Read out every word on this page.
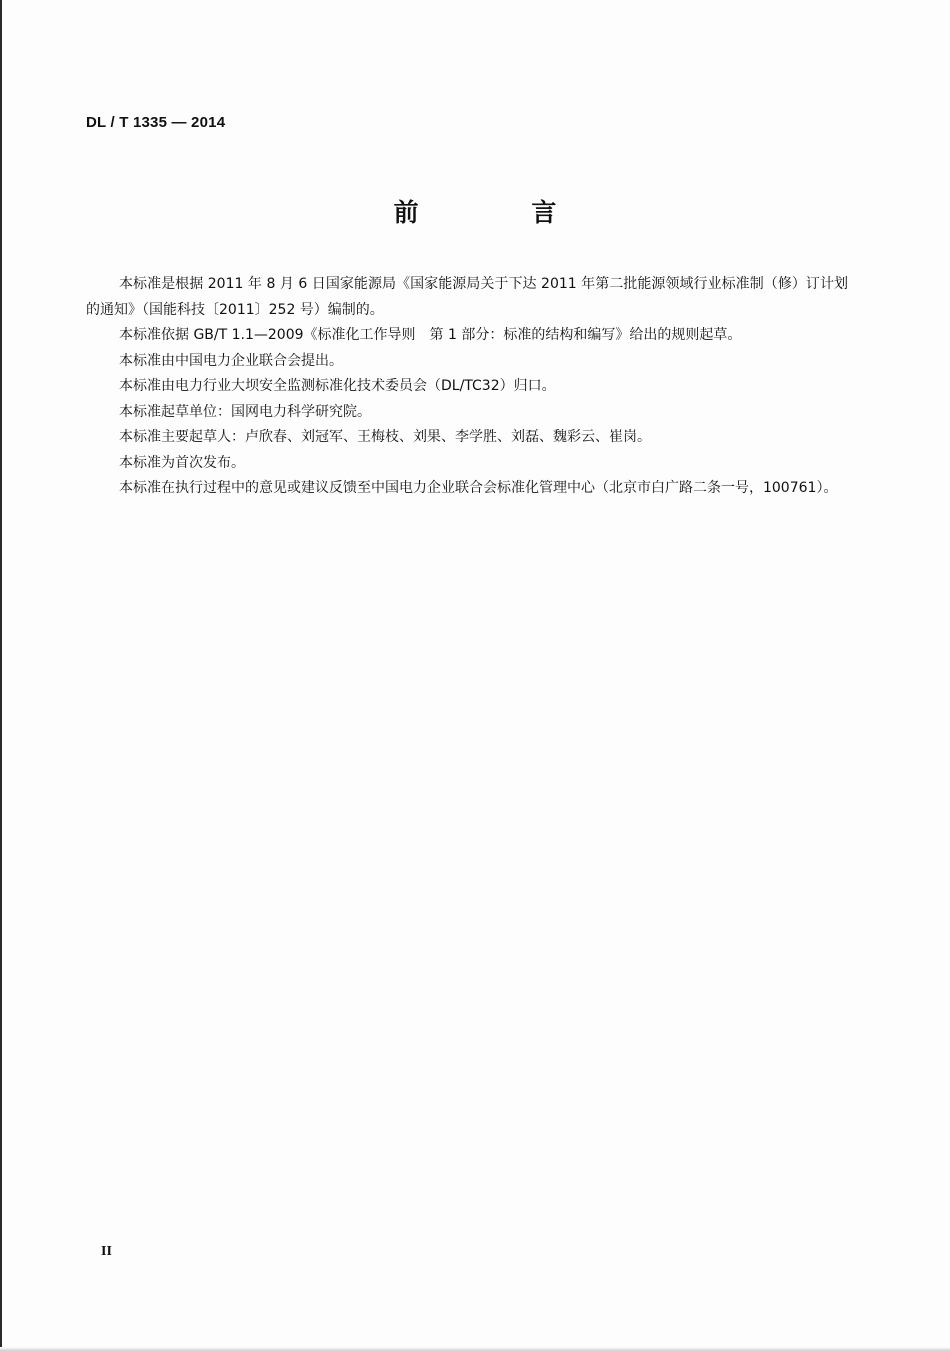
DL / T 1335 — 2014
前 言

本标准是根据 2011 年 8 月 6 日国家能源局《国家能源局关于下达 2011 年第二批能源领域行业标准制（修）订计划的通知》（国能科技〔2011〕252 号）编制的。

本标准依据 GB/T 1.1—2009《标准化工作导则　第 1 部分：标准的结构和编写》给出的规则起草。

本标准由中国电力企业联合会提出。

本标准由电力行业大坝安全监测标准化技术委员会（DL/TC32）归口。

本标准起草单位：国网电力科学研究院。

本标准主要起草人：卢欣春、刘冠军、王梅枝、刘果、李学胜、刘磊、魏彩云、崔岗。

本标准为首次发布。

本标准在执行过程中的意见或建议反馈至中国电力企业联合会标准化管理中心（北京市白广路二条一号，100761）。

II
